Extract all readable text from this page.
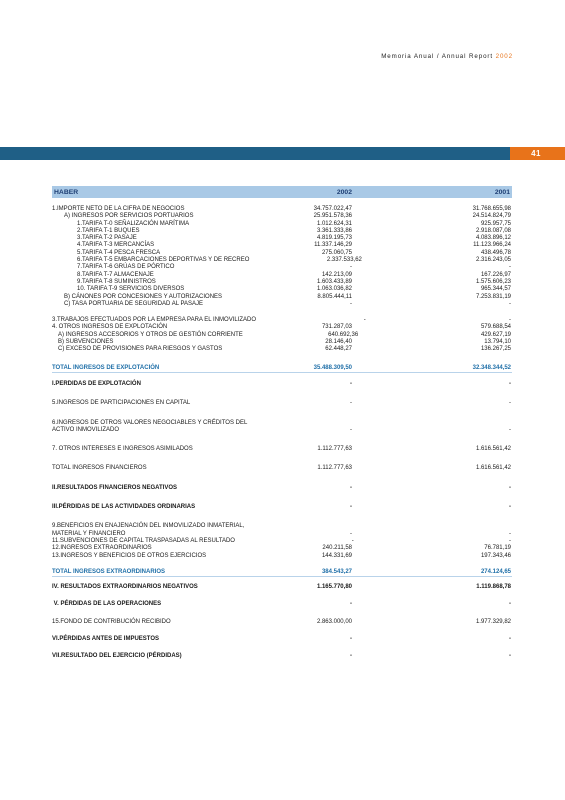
Memoria Anual / Annual Report 2002
41
HABER	2002	2001
1.IMPORTE NETO DE LA CIFRA DE NEGOCIOS	34.757.022,47	31.768.655,98
A) INGRESOS POR SERVICIOS PORTUARIOS	25.951.578,36	24.514.824,79
1.TARIFA T-0 SEÑALIZACIÓN MARÍTIMA	1.012.624,31	925.957,75
2.TARIFA T-1 BUQUES	3.361.333,86	2.918.087,08
3.TARIFA T-2 PASAJE	4.819.195,73	4.083.896,12
4.TARIFA T-3 MERCANCÍAS	11.337.146,29	11.123.966,24
5.TARIFA T-4 PESCA FRESCA	275.060,75	438.496,78
6.TARIFA T-5 EMBARCACIONES DEPORTIVAS Y DE RECREO	2.337.533,62	2.316.243,05
7.TARIFA T-6 GRÚAS DE PÓRTICO	-	-
8.TARIFA T-7 ALMACENAJE	142.213,09	167.226,97
9.TARIFA T-8 SUMINISTROS	1.603.433,89	1.575.606,23
10. TARIFA T-9 SERVICIOS DIVERSOS	1.063.036,82	965.344,57
B) CÁNONES POR CONCESIONES Y AUTORIZACIONES	8.805.444,11	7.253.831,19
C) TASA PORTUARIA DE SEGURIDAD AL PASAJE	-	-
3.TRABAJOS EFECTUADOS POR LA EMPRESA PARA EL INMOVILIZADO	-	-
4. OTROS INGRESOS DE EXPLOTACIÓN	731.287,03	579.688,54
A) INGRESOS ACCESORIOS Y OTROS DE GESTIÓN CORRIENTE	640.692,36	429.627,19
B) SUBVENCIONES	28.146,40	13.794,10
C) EXCESO DE PROVISIONES PARA RIESGOS Y GASTOS	62.448,27	136.267,25
TOTAL INGRESOS DE EXPLOTACIÓN	35.488.309,50	32.348.344,52
I.PERDIDAS DE EXPLOTACIÓN	-	-
5.INGRESOS DE PARTICIPACIONES EN CAPITAL	-	-
6.INGRESOS DE OTROS VALORES NEGOCIABLES Y CRÉDITOS DEL
ACTIVO INMOVILIZADO	-	-
7. OTROS INTERESES E INGRESOS ASIMILADOS	1.112.777,63	1.616.561,42
TOTAL INGRESOS FINANCIEROS	1.112.777,63	1.616.561,42
II.RESULTADOS FINANCIEROS NEGATIVOS	-	-
III.PÉRDIDAS DE LAS ACTIVIDADES ORDINARIAS	-	-
9.BENEFICIOS EN ENAJENACIÓN DEL INMOVILIZADO INMATERIAL,
MATERIAL Y FINANCIERO	-	-
11.SUBVENCIONES DE CAPITAL TRASPASADAS AL RESULTADO	-	-
12.INGRESOS EXTRAORDINARIOS	240.211,58	76.781,19
13.INGRESOS Y BENEFICIOS DE OTROS EJERCICIOS	144.331,69	197.343,46
TOTAL INGRESOS EXTRAORDINARIOS	384.543,27	274.124,65
IV. RESULTADOS EXTRAORDINARIOS NEGATIVOS	1.165.770,80	1.119.868,78
V. PÉRDIDAS DE LAS OPERACIONES	-	-
15.FONDO DE CONTRIBUCIÓN RECIBIDO	2.863.000,00	1.977.329,82
VI.PÉRDIDAS ANTES DE IMPUESTOS	-	-
VII.RESULTADO DEL EJERCICIO (PÉRDIDAS)	-	-
